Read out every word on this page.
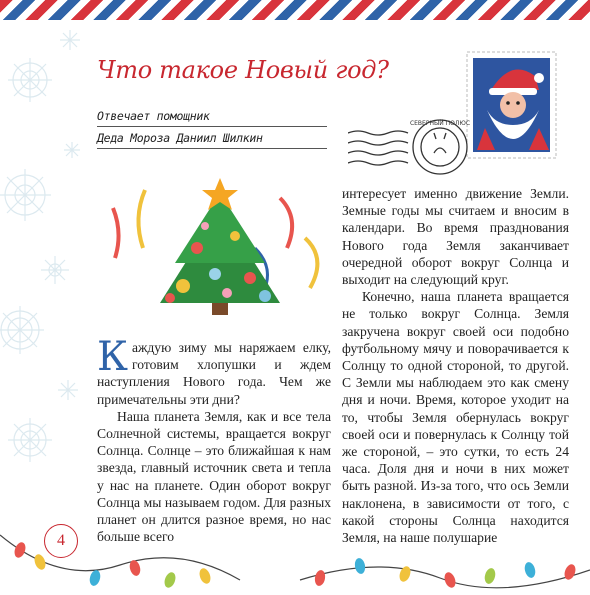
Что такое Новый год?
Отвечает помощник
Деда Мороза Даниил Шилкин
СЕВЕРНЫЙ ПОЛЮС

Каждую зиму мы наряжаем елку, готовим хлопушки и ждем наступления Нового года. Чем же примечательны эти дни?

Наша планета Земля, как и все тела Солнечной системы, вращается вокруг Солнца. Солнце – это ближайшая к нам звезда, главный источник света и тепла у нас на планете. Один оборот вокруг Солнца мы называем годом. Для разных планет он длится разное время, но нас больше всего

интересует именно движение Земли. Земные годы мы считаем и вносим в календари. Во время празднования Нового года Земля заканчивает очередной оборот вокруг Солнца и выходит на следующий круг.

Конечно, наша планета вращается не только вокруг Солнца. Земля закручена вокруг своей оси подобно футбольному мячу и поворачивается к Солнцу то одной стороной, то другой. С Земли мы наблюдаем это как смену дня и ночи. Время, которое уходит на то, чтобы Земля обернулась вокруг своей оси и повернулась к Солнцу той же стороной, – это сутки, то есть 24 часа. Доля дня и ночи в них может быть разной. Из-за того, что ось Земли наклонена, в зависимости от того, с какой стороны Солнца находится Земля, на наше полушарие

4
